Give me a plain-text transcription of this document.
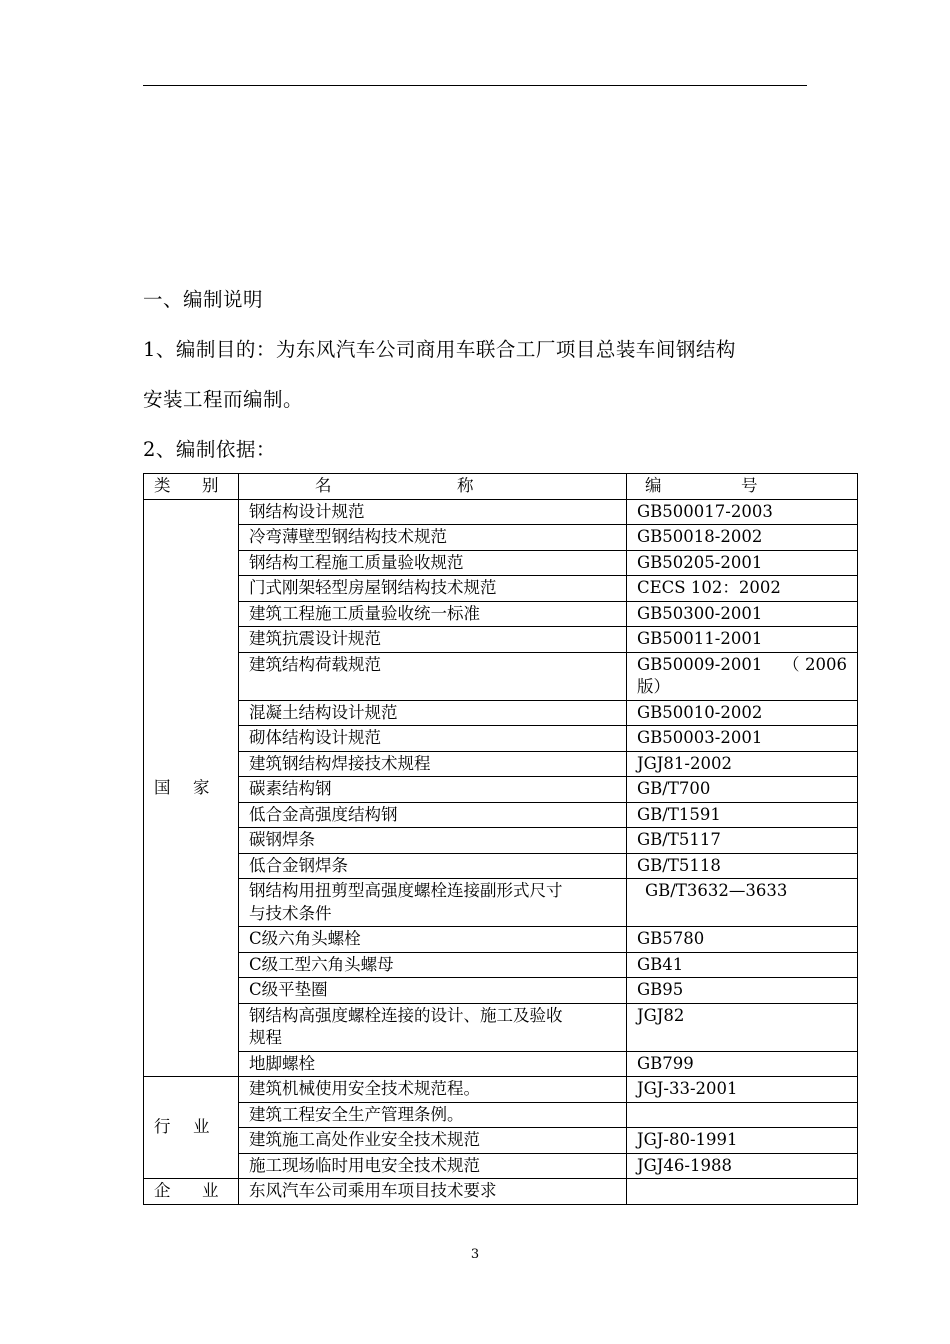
一、编制说明
1、编制目的：为东风汽车公司商用车联合工厂项目总装车间钢结构
安装工程而编制。
2、编制依据：
类 别	名 称	编 号

国 家	钢结构设计规范	GB500017-2003
	冷弯薄壁型钢结构技术规范	GB50018-2002
	钢结构工程施工质量验收规范	GB50205-2001
	门式刚架轻型房屋钢结构技术规范	CECS 102：2002
	建筑工程施工质量验收统一标准	GB50300-2001
	建筑抗震设计规范	GB50011-2001
	建筑结构荷载规范	GB50009-2001 （ 2006
版）

	混凝土结构设计规范	GB50010-2002
	砌体结构设计规范	GB50003-2001
	建筑钢结构焊接技术规程	JGJ81-2002
	碳素结构钢	GB/T700
	低合金高强度结构钢	GB/T1591
	碳钢焊条	GB/T5117
	低合金钢焊条	GB/T5118

	钢结构用扭剪型高强度螺栓连接副形式尺寸
与技术条件	GB/T3632—3633
	C级六角头螺栓	GB5780
	C级工型六角头螺母	GB41
	C级平垫圈	GB95

	钢结构高强度螺栓连接的设计、施工及验收
规程	JGJ82
	地脚螺栓	GB799

行 业	建筑机械使用安全技术规范程。	JGJ-33-2001
	建筑工程安全生产管理条例。	
	建筑施工高处作业安全技术规范	JGJ-80-1991
	施工现场临时用电安全技术规范	JGJ46-1988

企 业	东风汽车公司乘用车项目技术要求	
3
